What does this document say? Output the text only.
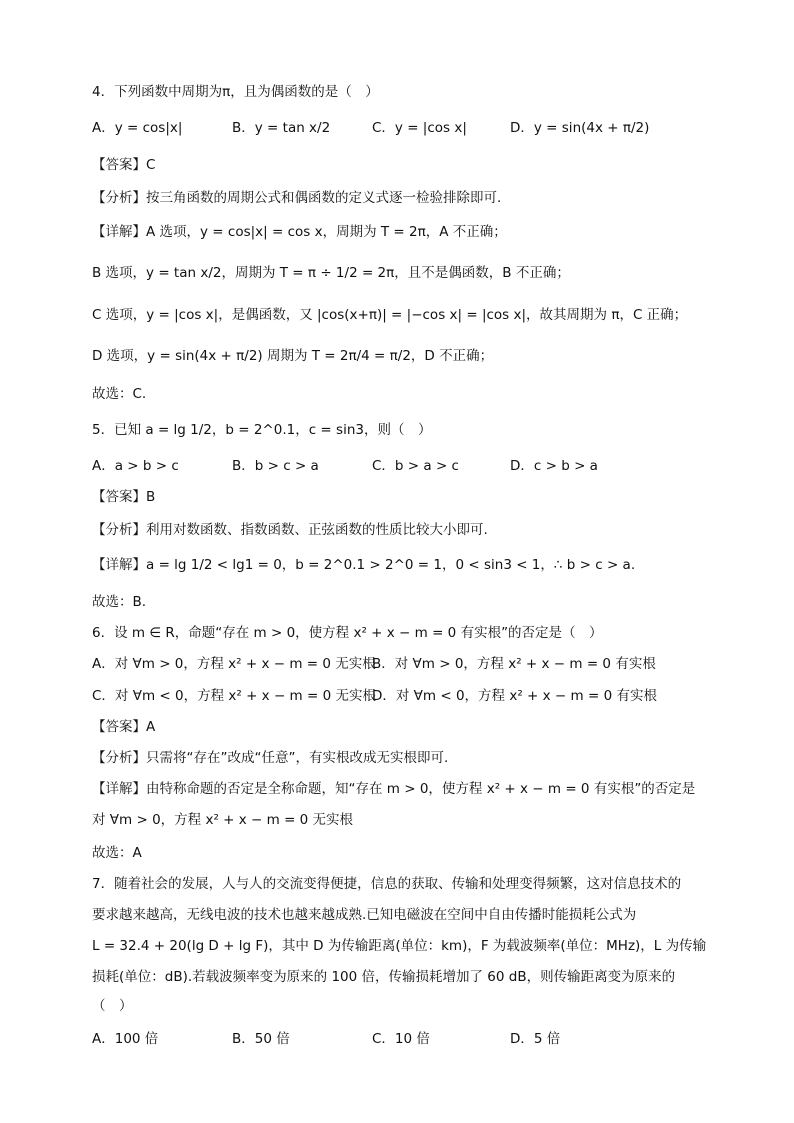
4．下列函数中周期为π，且为偶函数的是（　）
A．y = cos|x|	B．y = tan x/2	C．y = |cos x|	D．y = sin(4x + π/2)
【答案】C
【分析】按三角函数的周期公式和偶函数的定义式逐一检验排除即可.
【详解】A 选项，y = cos|x| = cos x，周期为 T = 2π，A 不正确；
B 选项，y = tan x/2，周期为 T = π ÷ 1/2 = 2π，且不是偶函数，B 不正确；
C 选项，y = |cos x|，是偶函数，又 |cos(x+π)| = |−cos x| = |cos x|，故其周期为 π，C 正确；
D 选项，y = sin(4x + π/2) 周期为 T = 2π/4 = π/2，D 不正确；
故选：C.
5．已知 a = lg 1/2，b = 2^0.1，c = sin3，则（　）
A．a > b > c	B．b > c > a	C．b > a > c	D．c > b > a
【答案】B
【分析】利用对数函数、指数函数、正弦函数的性质比较大小即可.
【详解】a = lg 1/2 < lg1 = 0，b = 2^0.1 > 2^0 = 1，0 < sin3 < 1，∴ b > c > a.
故选：B.
6．设 m ∈ R，命题“存在 m > 0，使方程 x² + x − m = 0 有实根”的否定是（　）
A．对 ∀m > 0，方程 x² + x − m = 0 无实根
B．对 ∀m > 0，方程 x² + x − m = 0 有实根
C．对 ∀m < 0，方程 x² + x − m = 0 无实根
D．对 ∀m < 0，方程 x² + x − m = 0 有实根
【答案】A
【分析】只需将“存在”改成“任意”，有实根改成无实根即可.
【详解】由特称命题的否定是全称命题，知“存在 m > 0，使方程 x² + x − m = 0 有实根”的否定是
对 ∀m > 0，方程 x² + x − m = 0 无实根
故选：A
7．随着社会的发展，人与人的交流变得便捷，信息的获取、传输和处理变得频繁，这对信息技术的
要求越来越高，无线电波的技术也越来越成熟.已知电磁波在空间中自由传播时能损耗公式为
L = 32.4 + 20(lg D + lg F)，其中 D 为传输距离(单位：km)，F 为载波频率(单位：MHz)，L 为传输
损耗(单位：dB).若载波频率变为原来的 100 倍，传输损耗增加了 60 dB，则传输距离变为原来的
（　）
A．100 倍	B．50 倍	C．10 倍	D．5 倍
